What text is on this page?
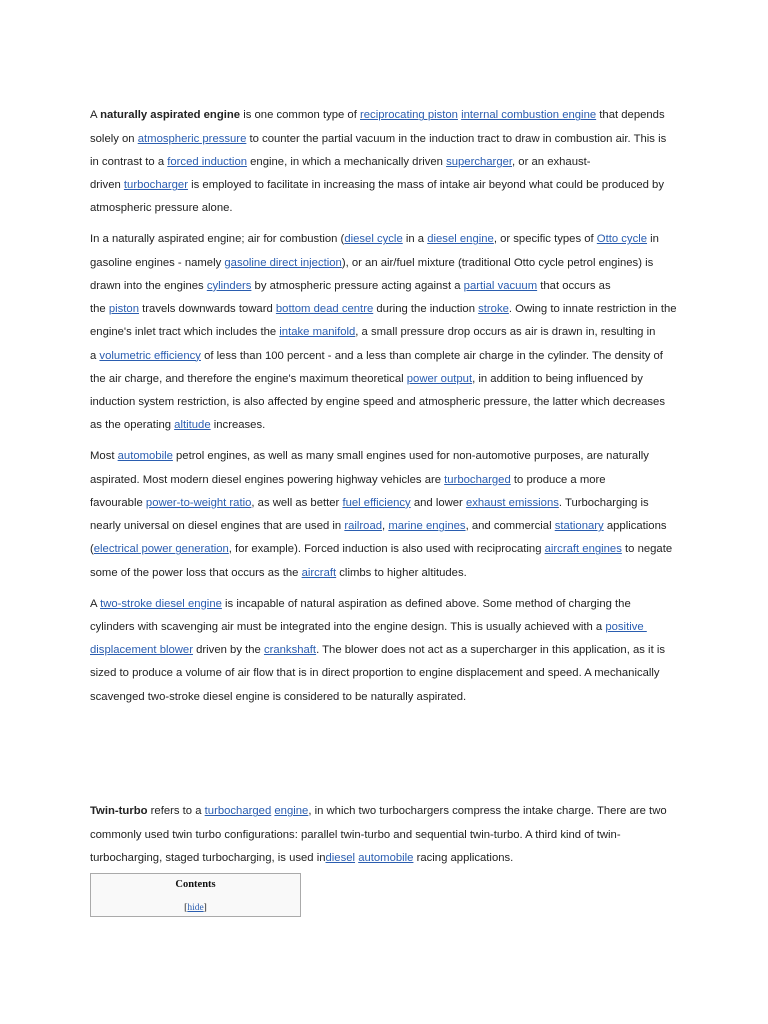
A naturally aspirated engine is one common type of reciprocating piston internal combustion engine that depends
solely on atmospheric pressure to counter the partial vacuum in the induction tract to draw in combustion air. This is
in contrast to a forced induction engine, in which a mechanically driven supercharger, or an exhaust-
driven turbocharger is employed to facilitate in increasing the mass of intake air beyond what could be produced by
atmospheric pressure alone.
In a naturally aspirated engine; air for combustion (diesel cycle in a diesel engine, or specific types of Otto cycle in
gasoline engines - namely gasoline direct injection), or an air/fuel mixture (traditional Otto cycle petrol engines) is
drawn into the engines cylinders by atmospheric pressure acting against a partial vacuum that occurs as
the piston travels downwards toward bottom dead centre during the induction stroke. Owing to innate restriction in the
engine's inlet tract which includes the intake manifold, a small pressure drop occurs as air is drawn in, resulting in
a volumetric efficiency of less than 100 percent - and a less than complete air charge in the cylinder. The density of
the air charge, and therefore the engine's maximum theoretical power output, in addition to being influenced by
induction system restriction, is also affected by engine speed and atmospheric pressure, the latter which decreases
as the operating altitude increases.
Most automobile petrol engines, as well as many small engines used for non-automotive purposes, are naturally
aspirated. Most modern diesel engines powering highway vehicles are turbocharged to produce a more
favourable power-to-weight ratio, as well as better fuel efficiency and lower exhaust emissions. Turbocharging is
nearly universal on diesel engines that are used in railroad, marine engines, and commercial stationary applications
(electrical power generation, for example). Forced induction is also used with reciprocating aircraft engines to negate
some of the power loss that occurs as the aircraft climbs to higher altitudes.
A two-stroke diesel engine is incapable of natural aspiration as defined above. Some method of charging the
cylinders with scavenging air must be integrated into the engine design. This is usually achieved with a positive
displacement blower driven by the crankshaft. The blower does not act as a supercharger in this application, as it is
sized to produce a volume of air flow that is in direct proportion to engine displacement and speed. A mechanically
scavenged two-stroke diesel engine is considered to be naturally aspirated.
Twin-turbo refers to a turbocharged engine, in which two turbochargers compress the intake charge. There are two
commonly used twin turbo configurations: parallel twin-turbo and sequential twin-turbo. A third kind of twin-
turbocharging, staged turbocharging, is used indiesel automobile racing applications.
Contents
[hide]
